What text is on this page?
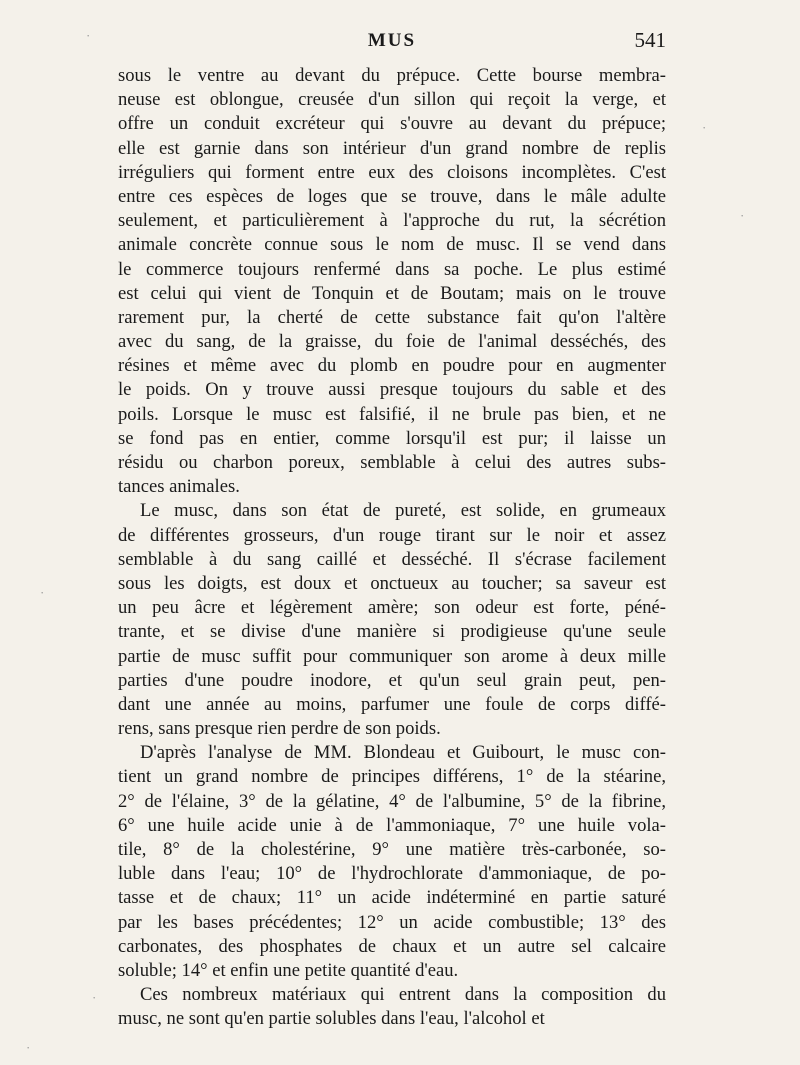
MUS	541
sous le ventre au devant du prépuce. Cette bourse membra-
neuse est oblongue, creusée d'un sillon qui reçoit la verge, et
offre un conduit excréteur qui s'ouvre au devant du prépuce;
elle est garnie dans son intérieur d'un grand nombre de replis
irréguliers qui forment entre eux des cloisons incomplètes. C'est
entre ces espèces de loges que se trouve, dans le mâle adulte
seulement, et particulièrement à l'approche du rut, la sécrétion
animale concrète connue sous le nom de musc. Il se vend dans
le commerce toujours renfermé dans sa poche. Le plus estimé
est celui qui vient de Tonquin et de Boutam; mais on le trouve
rarement pur, la cherté de cette substance fait qu'on l'altère
avec du sang, de la graisse, du foie de l'animal desséchés, des
résines et même avec du plomb en poudre pour en augmenter
le poids. On y trouve aussi presque toujours du sable et des
poils. Lorsque le musc est falsifié, il ne brule pas bien, et ne
se fond pas en entier, comme lorsqu'il est pur; il laisse un
résidu ou charbon poreux, semblable à celui des autres subs-
tances animales.
Le musc, dans son état de pureté, est solide, en grumeaux
de différentes grosseurs, d'un rouge tirant sur le noir et assez
semblable à du sang caillé et desséché. Il s'écrase facilement
sous les doigts, est doux et onctueux au toucher; sa saveur est
un peu âcre et légèrement amère; son odeur est forte, péné-
trante, et se divise d'une manière si prodigieuse qu'une seule
partie de musc suffit pour communiquer son arome à deux mille
parties d'une poudre inodore, et qu'un seul grain peut, pen-
dant une année au moins, parfumer une foule de corps diffé-
rens, sans presque rien perdre de son poids.
D'après l'analyse de MM. Blondeau et Guibourt, le musc con-
tient un grand nombre de principes différens, 1° de la stéarine,
2° de l'élaine, 3° de la gélatine, 4° de l'albumine, 5° de la fibrine,
6° une huile acide unie à de l'ammoniaque, 7° une huile vola-
tile, 8° de la cholestérine, 9° une matière très-carbonée, so-
luble dans l'eau; 10° de l'hydrochlorate d'ammoniaque, de po-
tasse et de chaux; 11° un acide indéterminé en partie saturé
par les bases précédentes; 12° un acide combustible; 13° des
carbonates, des phosphates de chaux et un autre sel calcaire
soluble; 14° et enfin une petite quantité d'eau.
Ces nombreux matériaux qui entrent dans la composition du
musc, ne sont qu'en partie solubles dans l'eau, l'alcohol et
·
·
·
·
·
·
